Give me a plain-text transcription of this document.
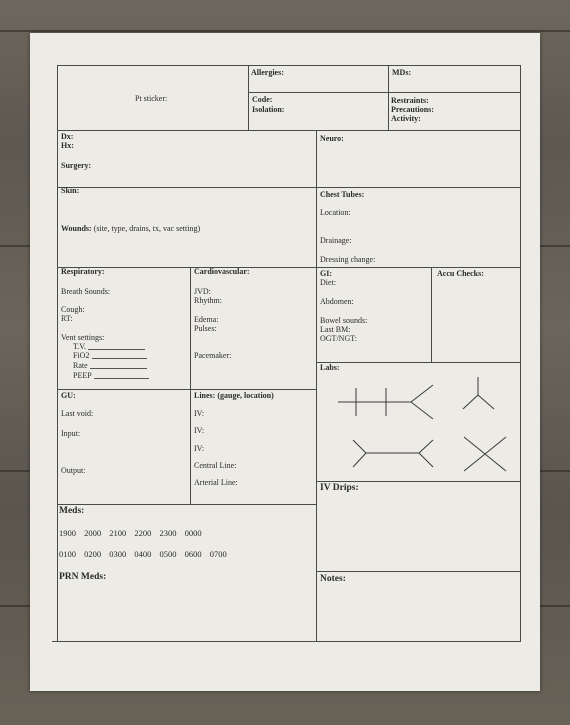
Pt sticker:
Allergies:	MDs:
Code:
Isolation:
Restraints:
Precautions:
Activity:
Dx:
Hx:
Surgery:
Neuro:
Skin:
Wounds: (site, type, drains, tx, vac setting)
Chest Tubes:
Location:
Drainage:
Dressing change:
Respiratory:
Breath Sounds:
Cough:
RT:
Vent settings:
T.V.
FiO2
Rate
PEEP
Cardiovascular:
JVD:
Rhythm:
Edema:
Pulses:
Pacemaker:
GI:
Diet:
Abdomen:
Bowel sounds:
Last BM:
OGT/NGT:
Accu Checks:
Labs:
GU:
Last void:
Input:
Output:
Lines: (gauge, location)
IV:
IV:
IV:
Central Line:
Arterial Line:
IV Drips:
Meds:
1900 2000 2100 2200 2300 0000
0100 0200 0300 0400 0500 0600 0700
PRN Meds:	Notes:
